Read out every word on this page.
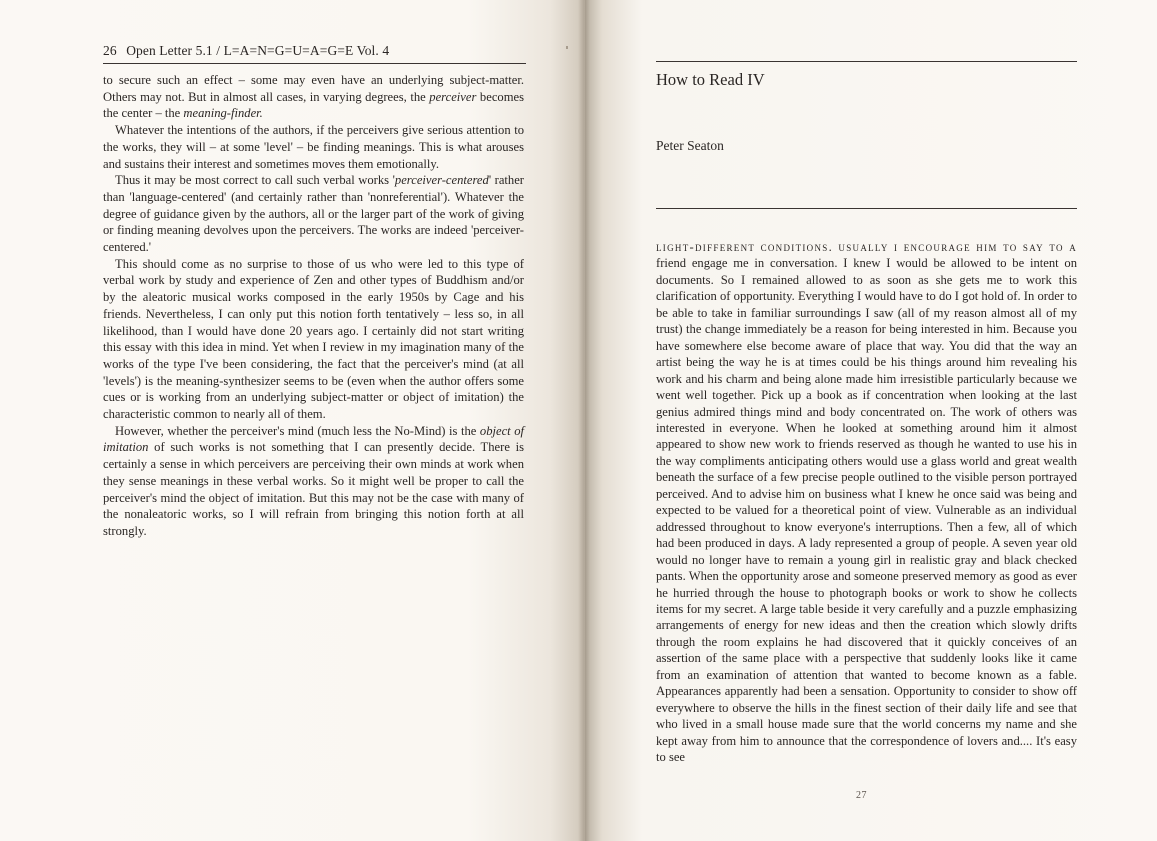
26 Open Letter 5.1 / L=A=N=G=U=A=G=E Vol. 4

to secure such an effect – some may even have an underlying subject-matter. Others may not. But in almost all cases, in varying degrees, the perceiver becomes the center – the meaning-finder.

Whatever the intentions of the authors, if the perceivers give serious attention to the works, they will – at some 'level' – be finding meanings. This is what arouses and sustains their interest and sometimes moves them emotionally.

Thus it may be most correct to call such verbal works 'perceiver-centered' rather than 'language-centered' (and certainly rather than 'nonreferential'). Whatever the degree of guidance given by the authors, all or the larger part of the work of giving or finding meaning devolves upon the perceivers. The works are indeed 'perceiver-centered.'

This should come as no surprise to those of us who were led to this type of verbal work by study and experience of Zen and other types of Buddhism and/or by the aleatoric musical works composed in the early 1950s by Cage and his friends. Nevertheless, I can only put this notion forth tentatively – less so, in all likelihood, than I would have done 20 years ago. I certainly did not start writing this essay with this idea in mind. Yet when I review in my imagination many of the works of the type I've been considering, the fact that the perceiver's mind (at all 'levels') is the meaning-synthesizer seems to be (even when the author offers some cues or is working from an underlying subject-matter or object of imitation) the characteristic common to nearly all of them.

However, whether the perceiver's mind (much less the No-Mind) is the object of imitation of such works is not something that I can presently decide. There is certainly a sense in which perceivers are perceiving their own minds at work when they sense meanings in these verbal works. So it might well be proper to call the perceiver's mind the object of imitation. But this may not be the case with many of the nonaleatoric works, so I will refrain from bringing this notion forth at all strongly.

How to Read IV
Peter Seaton

light-different conditions. usually i encourage him to say to a friend engage me in conversation. I knew I would be allowed to be intent on documents. So I remained allowed to as soon as she gets me to work this clarification of opportunity. Everything I would have to do I got hold of. In order to be able to take in familiar surroundings I saw (all of my reason almost all of my trust) the change immediately be a reason for being interested in him. Because you have somewhere else become aware of place that way. You did that the way an artist being the way he is at times could be his things around him revealing his work and his charm and being alone made him irresistible particularly because we went well together. Pick up a book as if concentration when looking at the last genius admired things mind and body concentrated on. The work of others was interested in everyone. When he looked at something around him it almost appeared to show new work to friends reserved as though he wanted to use his in the way compliments anticipating others would use a glass world and great wealth beneath the surface of a few precise people outlined to the visible person portrayed perceived. And to advise him on business what I knew he once said was being and expected to be valued for a theoretical point of view. Vulnerable as an individual addressed throughout to know everyone's interruptions. Then a few, all of which had been produced in days. A lady represented a group of people. A seven year old would no longer have to remain a young girl in realistic gray and black checked pants. When the opportunity arose and someone preserved memory as good as ever he hurried through the house to photograph books or work to show he collects items for my secret. A large table beside it very carefully and a puzzle emphasizing arrangements of energy for new ideas and then the creation which slowly drifts through the room explains he had discovered that it quickly conceives of an assertion of the same place with a perspective that suddenly looks like it came from an examination of attention that wanted to become known as a fable. Appearances apparently had been a sensation. Opportunity to consider to show off everywhere to observe the hills in the finest section of their daily life and see that who lived in a small house made sure that the world concerns my name and she kept away from him to announce that the correspondence of lovers and.... It's easy to see

27
